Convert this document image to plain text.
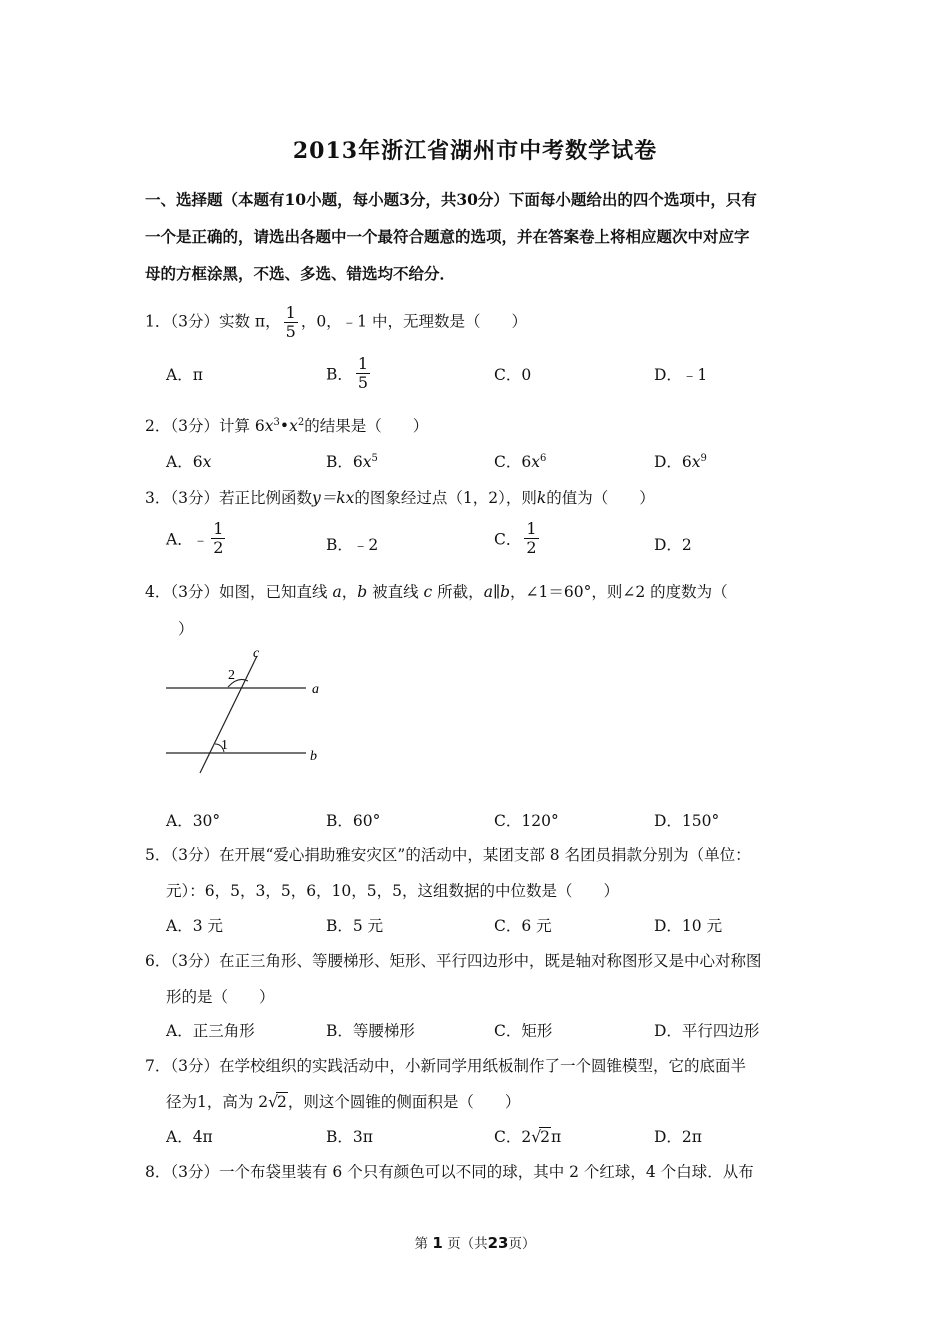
2013年浙江省湖州市中考数学试卷
一、选择题（本题有10小题，每小题3分，共30分）下面每小题给出的四个选项中，只有
一个是正确的，请选出各题中一个最符合题意的选项，并在答案卷上将相应题次中对应字
母的方框涂黑，不选、多选、错选均不给分．
1．（3分）实数 π， $\frac{1}{5}$ ，0，﹣1 中，无理数是（　　）
A．π	B． $\frac{1}{5}$	C．0	D．﹣1
2．（3分）计算 $6x^3•x^2$的结果是（　　）
A．6x	B．$6x^5$	C．$6x^6$	D．$6x^9$
3．（3分）若正比例函数y＝kx的图象经过点（1，2），则k的值为（　　）
A．﹣ $\frac{1}{2}$	B．﹣2	C． $\frac{1}{2}$	D．2
4．（3分）如图，已知直线 a，b 被直线 c 所截，a∥b，∠1＝60°，则∠2 的度数为（
）
c
a
b
2
1
A．30°	B．60°	C．120°	D．150°
5．（3分）在开展“爱心捐助雅安灾区”的活动中，某团支部 8 名团员捐款分别为（单位：
元）：6，5，3，5，6，10，5，5，这组数据的中位数是（　　）
A．3 元	B．5 元	C．6 元	D．10 元
6．（3分）在正三角形、等腰梯形、矩形、平行四边形中，既是轴对称图形又是中心对称图
形的是（　　）
A．正三角形	B．等腰梯形	C．矩形	D．平行四边形
7．（3分）在学校组织的实践活动中，小新同学用纸板制作了一个圆锥模型，它的底面半
径为1，高为 2√2，则这个圆锥的侧面积是（　　）
A．4π	B．3π	C．2√2π	D．2π
8．（3分）一个布袋里装有 6 个只有颜色可以不同的球，其中 2 个红球，4 个白球．从布
第 1 页（共23页）
